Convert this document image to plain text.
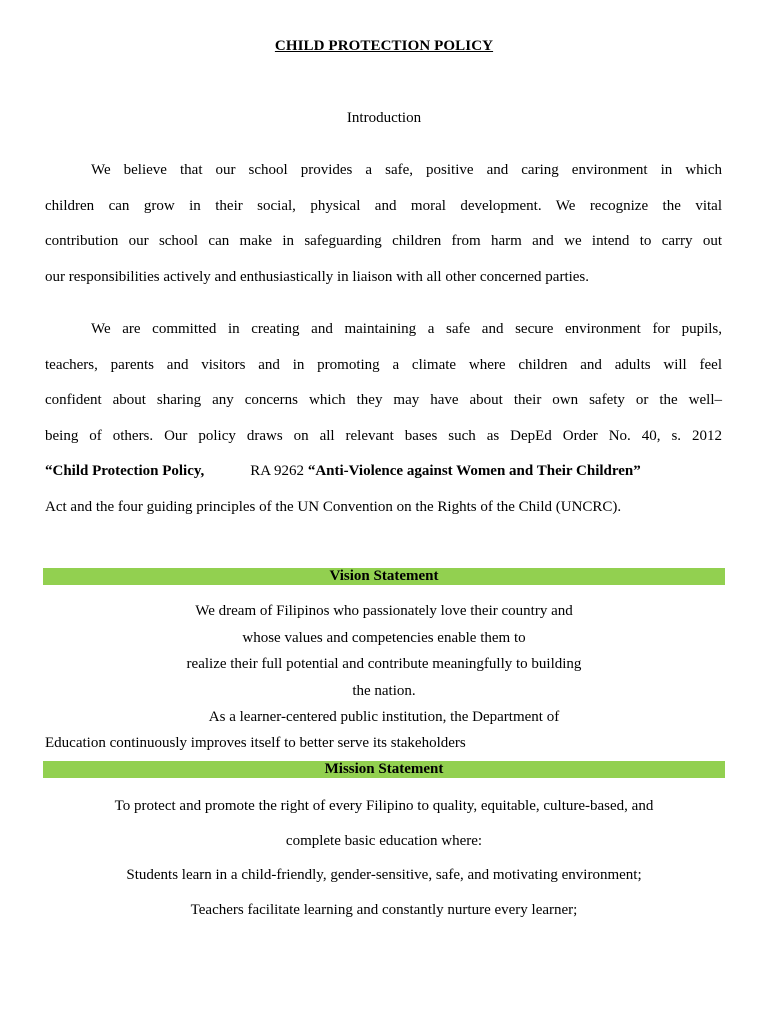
CHILD PROTECTION POLICY
Introduction
We believe that our school provides a safe, positive and caring environment in which
children can grow in their social, physical and moral development. We recognize the vital
contribution our school can make in safeguarding children from harm and we intend to carry out
our responsibilities actively and enthusiastically in liaison with all other concerned parties.
We are committed in creating and maintaining a safe and secure environment for pupils,
teachers, parents and visitors and in promoting a climate where children and adults will feel
confident about sharing any concerns which they may have about their own safety or the well–
being of others. Our policy draws on all relevant bases such as DepEd Order No. 40, s. 2012
“Child Protection Policy,	RA 9262 “Anti-Violence against Women and Their Children”
Act and the four guiding principles of the UN Convention on the Rights of the Child (UNCRC).
Vision Statement
We dream of Filipinos who passionately love their country and
whose values and competencies enable them to
realize their full potential and contribute meaningfully to building
the nation.
As a learner-centered public institution, the Department of
Education continuously improves itself to better serve its stakeholders
Mission Statement
To protect and promote the right of every Filipino to quality, equitable, culture-based, and
complete basic education where:
Students learn in a child-friendly, gender-sensitive, safe, and motivating environment;
Teachers facilitate learning and constantly nurture every learner;
